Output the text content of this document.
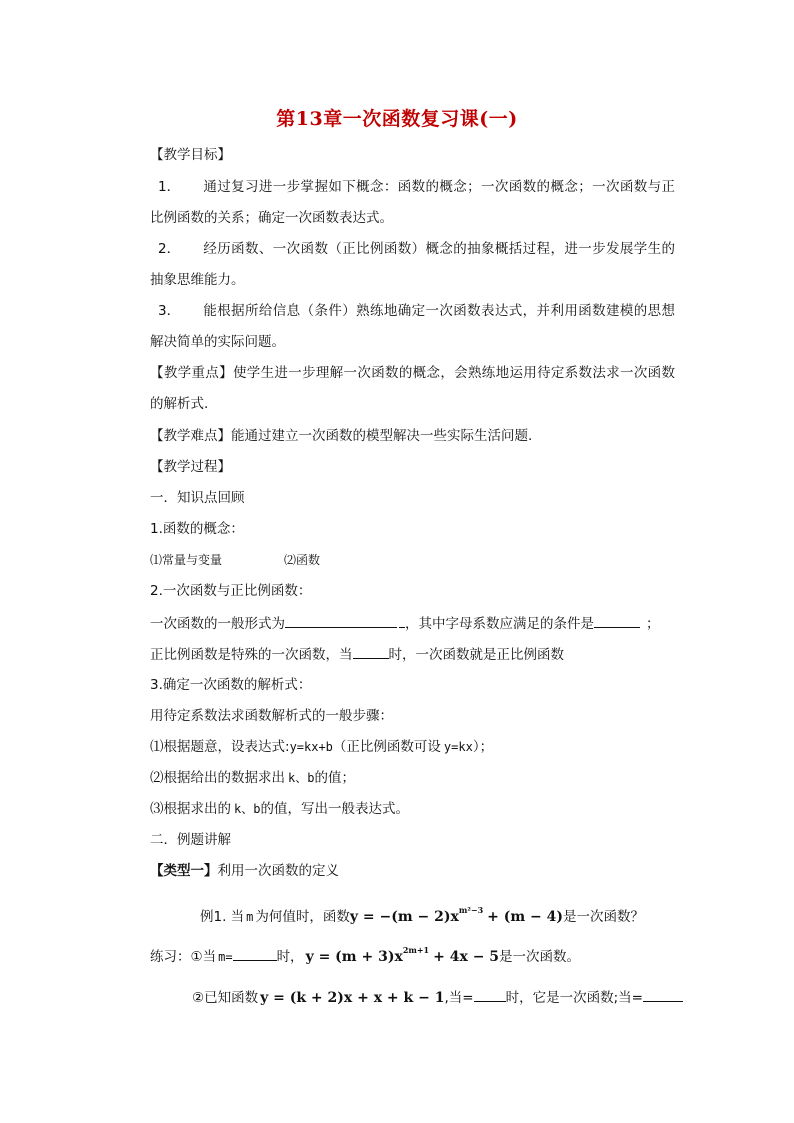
第13章一次函数复习课(一)
【教学目标】
1． 通过复习进一步掌握如下概念：函数的概念；一次函数的概念；一次函数与正比例函数的关系；确定一次函数表达式。
2． 经历函数、一次函数（正比例函数）概念的抽象概括过程，进一步发展学生的抽象思维能力。
3． 能根据所给信息（条件）熟练地确定一次函数表达式，并利用函数建模的思想解决简单的实际问题。
【教学重点】使学生进一步理解一次函数的概念，会熟练地运用待定系数法求一次函数的解析式.
【教学难点】能通过建立一次函数的模型解决一些实际生活问题.
【教学过程】
一．知识点回顾
1.函数的概念：
⑴常量与变量	⑵函数
2.一次函数与正比例函数：
一次函数的一般形式为	，其中字母系数应满足的条件是	；
正比例函数是特殊的一次函数，当	时，一次函数就是正比例函数
3.确定一次函数的解析式：
用待定系数法求函数解析式的一般步骤：
⑴根据题意，设表达式:y=kx+b（正比例函数可设 y=kx）；
⑵根据给出的数据求出 k、b的值；
⑶根据求出的 k、b的值，写出一般表达式。
二．例题讲解
【类型一】利用一次函数的定义
例1. 当 m 为何值时，函数$y = -(m - 2)x^{m^2-3} + (m - 4)$是一次函数？
练习：①当 m=	时， $y = (m + 3)x^{2m+1} + 4x - 5$是一次函数。
②已知函数 y = (k + 2)x + x + k − 1,当= 时，它是一次函数;当=
